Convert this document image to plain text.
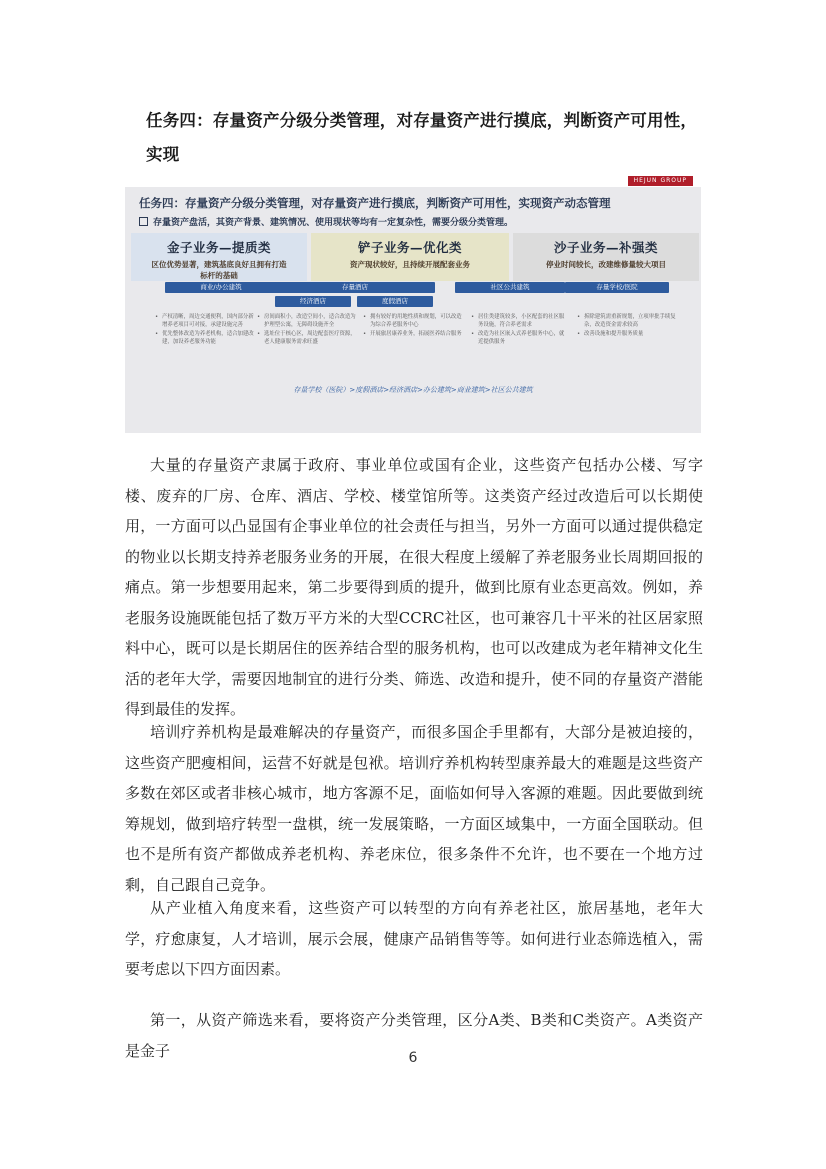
任务四：存量资产分级分类管理，对存量资产进行摸底，判断资产可用性，实现
HEJUN GROUP
任务四：存量资产分级分类管理，对存量资产进行摸底，判断资产可用性，实现资产动态管理
存量资产盘活，其资产背景、建筑情况、使用现状等均有一定复杂性，需要分级分类管理。
金子业务—提质类
区位优势显著，建筑基底良好且拥有打造标杆的基础
铲子业务—优化类
资产现状较好，且持续开展配套业务
沙子业务—补强类
停业时间较长，改建维修量较大项目
商业/办公建筑	存量酒店
经济酒店	度假酒店
社区公共建筑	存量学校/医院
• 产权清晰，周边交通便利，国内部分新增养老项目可对接，承建设施完善
• 优先整体改造为养老机构，适合加建改建，加设养老服务功能
• 房间面积小，改造空间小，适合改造为护理型公寓，无障碍设施齐全
• 选址位于核心区，周边配套医疗资源，老人健康服务需求旺盛
• 拥有较好的用地性质和规划，可以改造为综合养老服务中心
• 开展旅居康养业务，拓展医养结合服务
• 居住类建筑较多，小区配套的社区服务设施，符合养老需求
• 改造为社区嵌入式养老服务中心，就近提供服务
• 拆除建筑需重新规划，立项审批手续复杂，改造资金需求较高
• 改善设施和提升服务质量
存量学校（医院）>度假酒店>经济酒店>办公建筑>商业建筑>社区公共建筑
大量的存量资产隶属于政府、事业单位或国有企业，这些资产包括办公楼、写字楼、废弃的厂房、仓库、酒店、学校、楼堂馆所等。这类资产经过改造后可以长期使用，一方面可以凸显国有企事业单位的社会责任与担当，另外一方面可以通过提供稳定的物业以长期支持养老服务业务的开展，在很大程度上缓解了养老服务业长周期回报的痛点。第一步想要用起来，第二步要得到质的提升，做到比原有业态更高效。例如，养老服务设施既能包括了数万平方米的大型CCRC社区，也可兼容几十平米的社区居家照料中心，既可以是长期居住的医养结合型的服务机构，也可以改建成为老年精神文化生活的老年大学，需要因地制宜的进行分类、筛选、改造和提升，使不同的存量资产潜能得到最佳的发挥。
培训疗养机构是最难解决的存量资产，而很多国企手里都有，大部分是被迫接的，这些资产肥瘦相间，运营不好就是包袱。培训疗养机构转型康养最大的难题是这些资产多数在郊区或者非核心城市，地方客源不足，面临如何导入客源的难题。因此要做到统筹规划，做到培疗转型一盘棋，统一发展策略，一方面区域集中，一方面全国联动。但也不是所有资产都做成养老机构、养老床位，很多条件不允许，也不要在一个地方过剩，自己跟自己竞争。
从产业植入角度来看，这些资产可以转型的方向有养老社区，旅居基地，老年大学，疗愈康复，人才培训，展示会展，健康产品销售等等。如何进行业态筛选植入，需要考虑以下四方面因素。
第一，从资产筛选来看，要将资产分类管理，区分A类、B类和C类资产。A类资产是金子	6
